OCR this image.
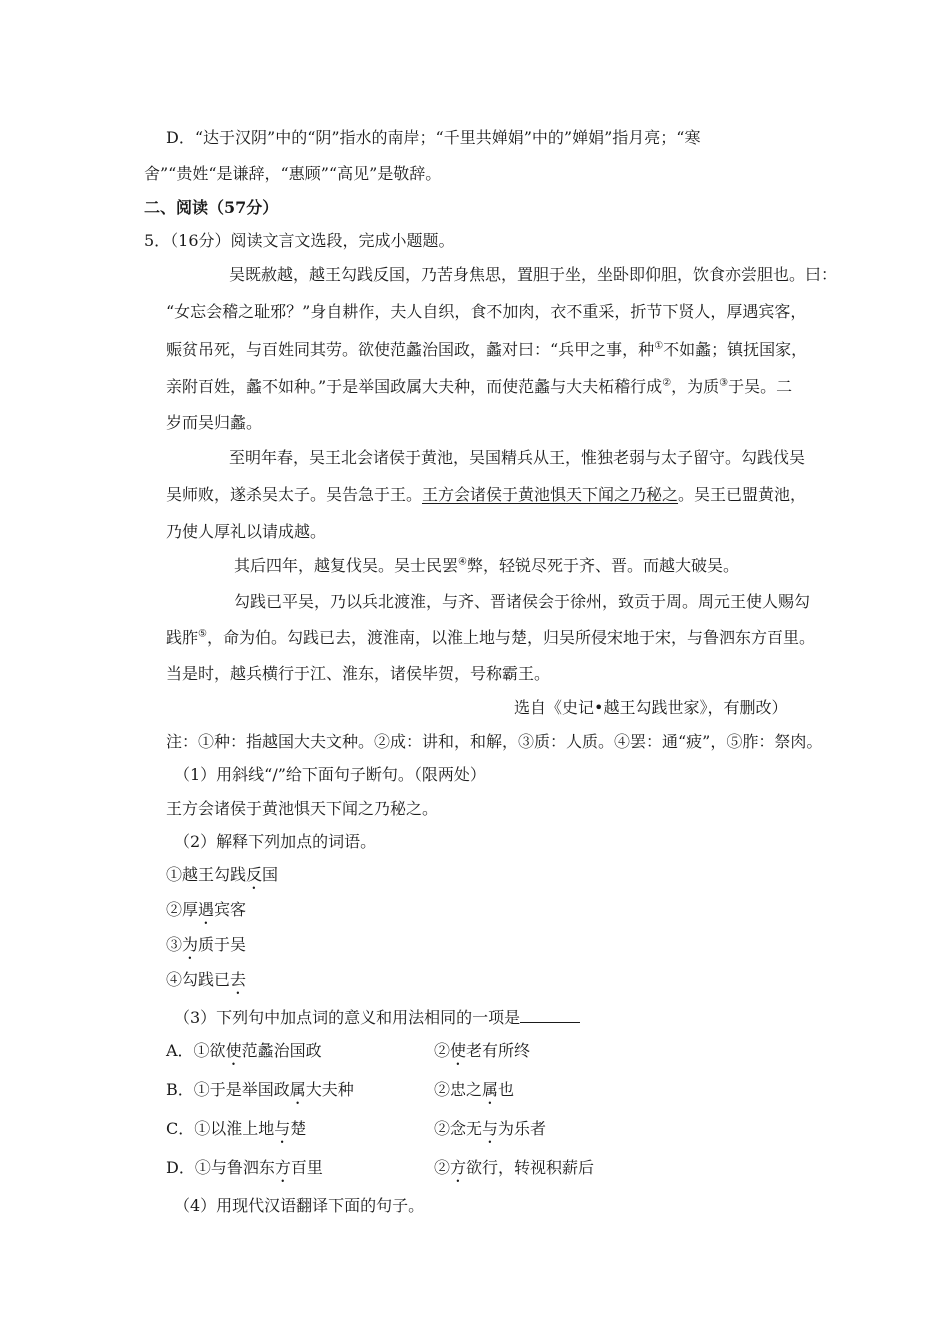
D．“达于汉阴”中的“阴”指水的南岸；“千里共婵娟”中的”婵娟”指月亮；“寒
舍”“贵姓“是谦辞，“惠顾”“高见”是敬辞。
二、阅读（57分）
5．（16分）阅读文言文选段，完成小题题。
吴既赦越，越王勾践反国，乃苦身焦思，置胆于坐，坐卧即仰胆，饮食亦尝胆也。曰：
“女忘会稽之耻邪？”身自耕作，夫人自织，食不加肉，衣不重采，折节下贤人，厚遇宾客，
赈贫吊死，与百姓同其劳。欲使范蠡治国政，蠡对曰：“兵甲之事，种①不如蠡；镇抚国家，
亲附百姓，蠡不如种。”于是举国政属大夫种，而使范蠡与大夫柘稽行成②，为质③于吴。二
岁而吴归蠡。
至明年春，吴王北会诸侯于黄池，吴国精兵从王，惟独老弱与太子留守。勾践伐吴
吴师败，遂杀吴太子。吴告急于王。王方会诸侯于黄池惧天下闻之乃秘之。吴王已盟黄池，
乃使人厚礼以请成越。
其后四年，越复伐吴。吴士民罢④弊，轻锐尽死于齐、晋。而越大破吴。
勾践已平吴，乃以兵北渡淮，与齐、晋诸侯会于徐州，致贡于周。周元王使人赐勾
践胙⑤，命为伯。勾践已去，渡淮南，以淮上地与楚，归吴所侵宋地于宋，与鲁泗东方百里。
当是时，越兵横行于江、淮东，诸侯毕贺，号称霸王。
选自《史记•越王勾践世家》，有删改）
注：①种：指越国大夫文种。②成：讲和，和解，③质：人质。④罢：通“疲”，⑤胙：祭肉。
（1）用斜线“/”给下面句子断句。（限两处）
王方会诸侯于黄池惧天下闻之乃秘之。
（2）解释下列加点的词语。
①越王勾践反国
②厚遇宾客
③为质于吴
④勾践已去
（3）下列句中加点词的意义和用法相同的一项是
A．①欲使范蠡治国政	②使老有所终
B．①于是举国政属大夫种	②忠之属也
C．①以淮上地与楚	②念无与为乐者
D．①与鲁泗东方百里	②方欲行，转视积薪后
（4）用现代汉语翻译下面的句子。
